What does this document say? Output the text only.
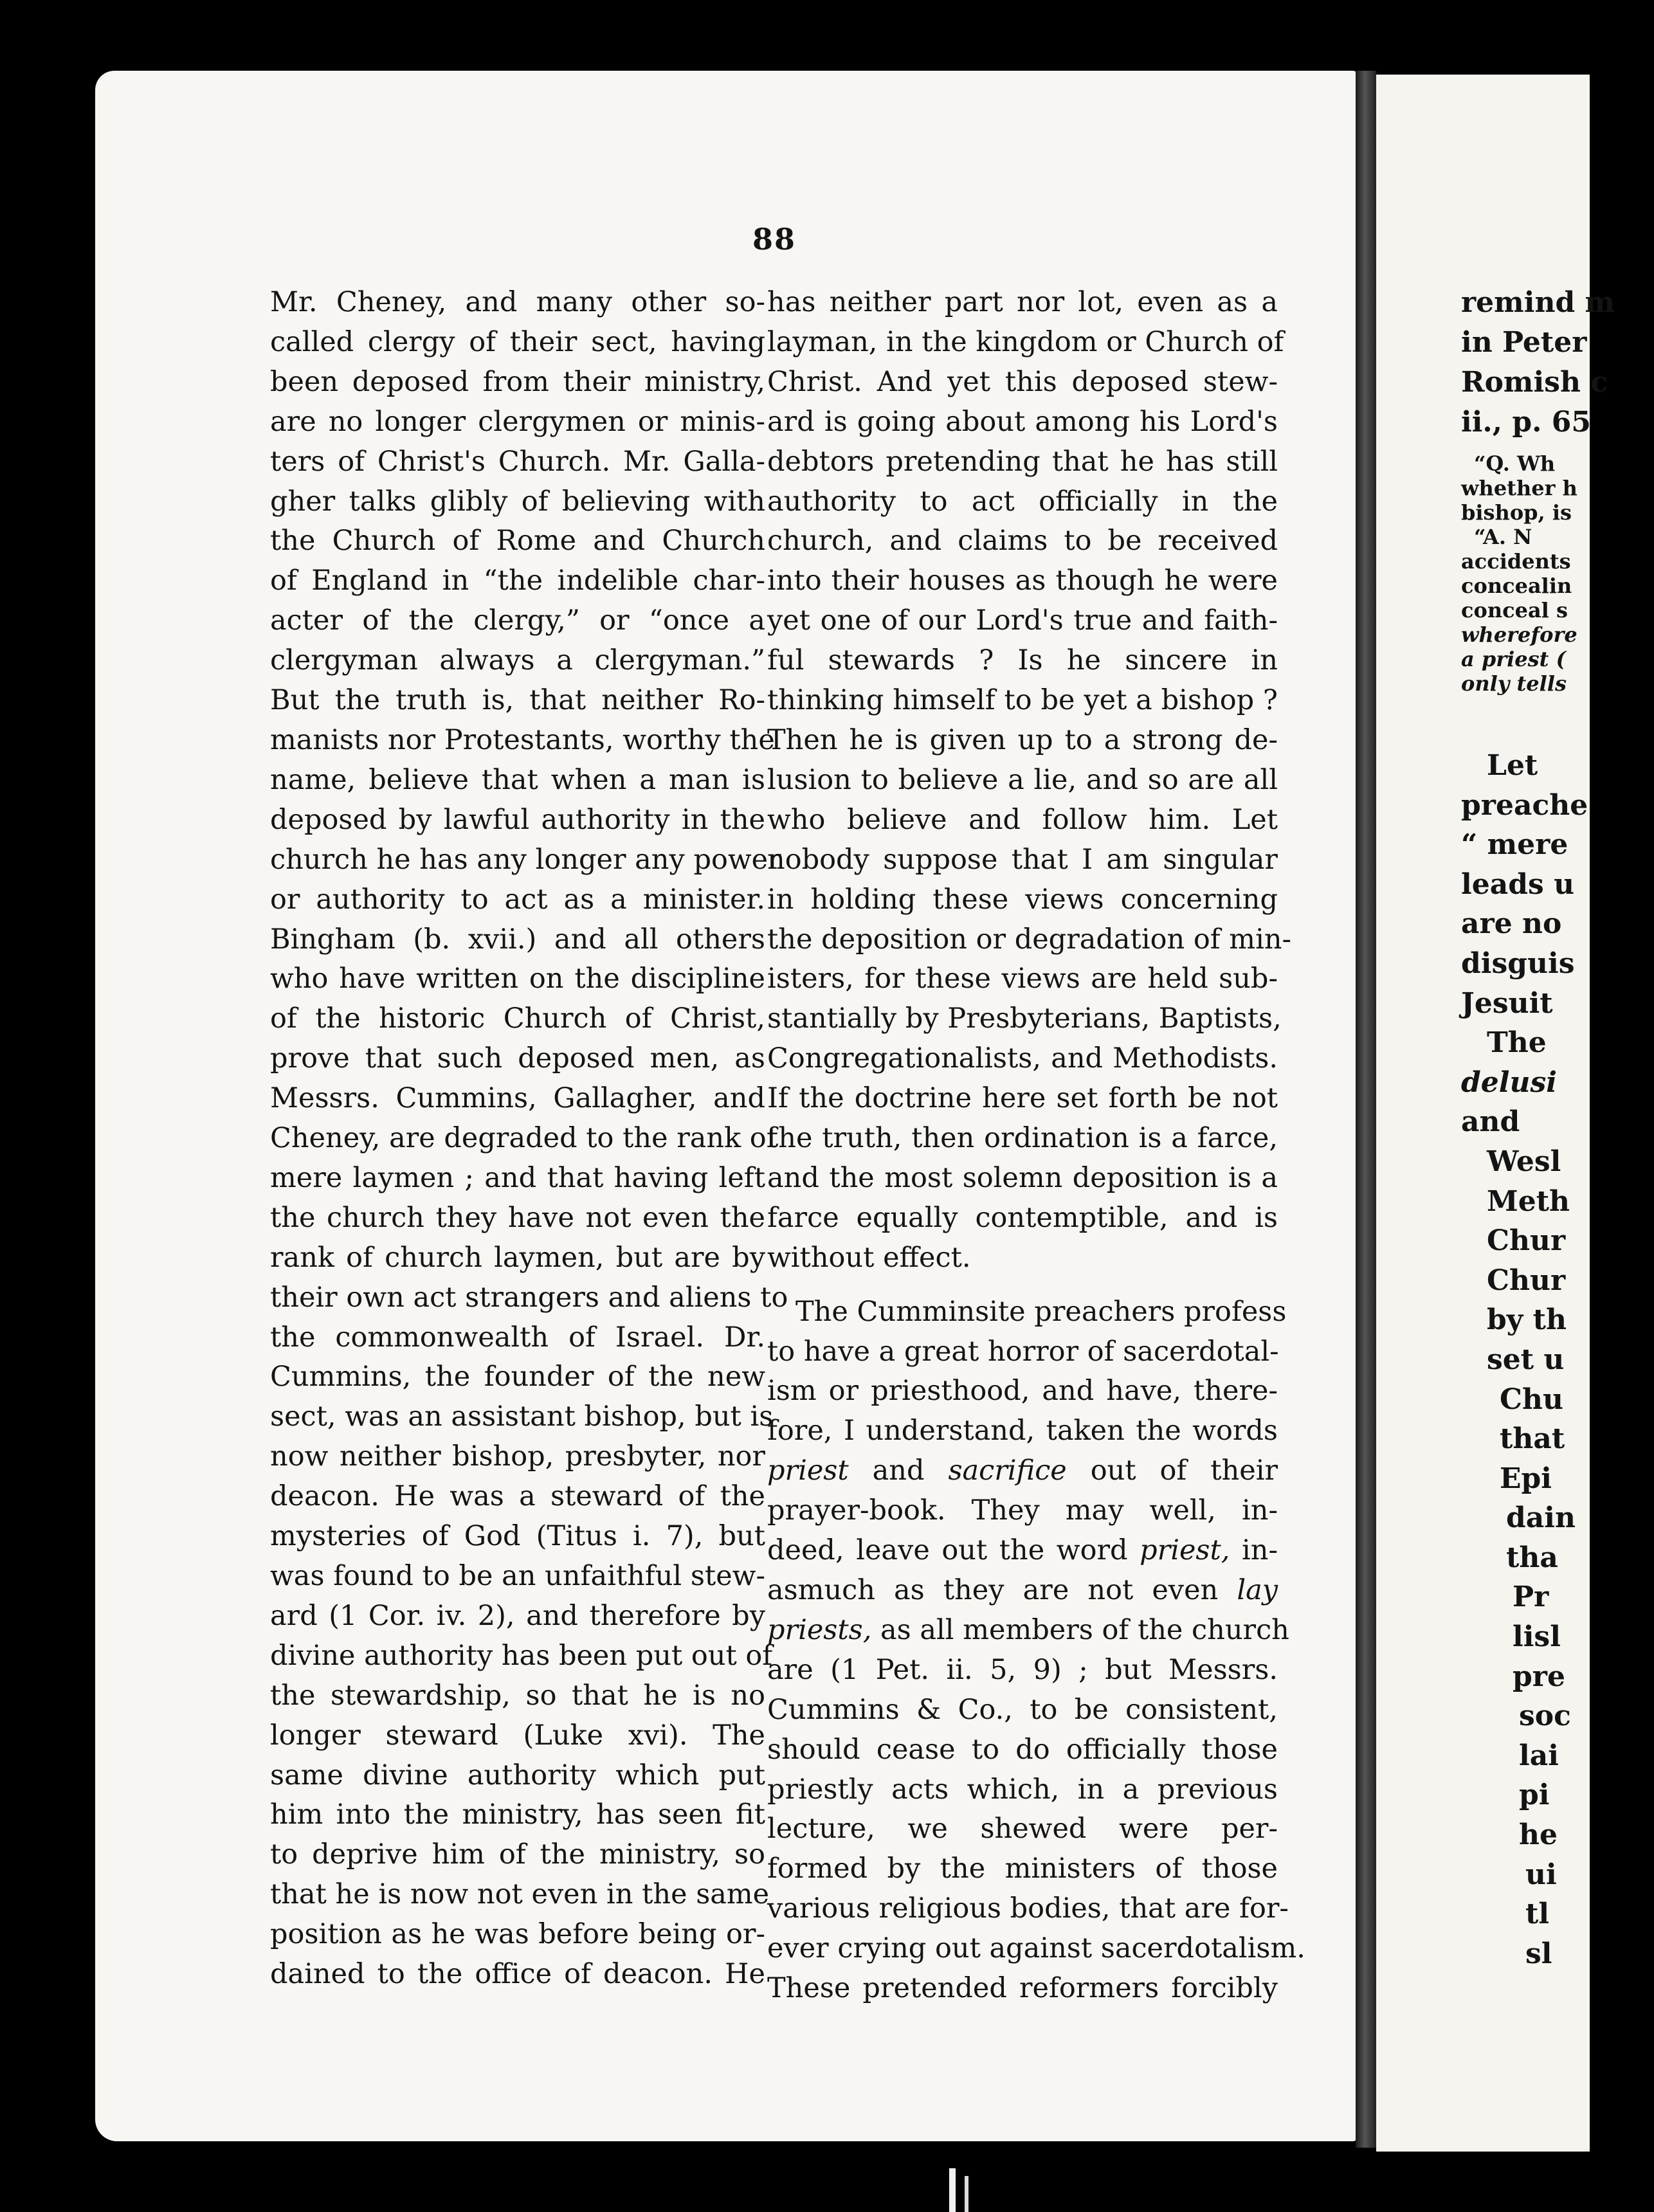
88
Mr. Cheney, and many other so-
called clergy of their sect, having
been deposed from their ministry,
are no longer clergymen or minis-
ters of Christ's Church. Mr. Galla-
gher talks glibly of believing with
the Church of Rome and Church
of England in “the indelible char-
acter of the clergy,” or “once a
clergyman always a clergyman.”
But the truth is, that neither Ro-
manists nor Protestants, worthy the
name, believe that when a man is
deposed by lawful authority in the
church he has any longer any power
or authority to act as a minister.
Bingham (b. xvii.) and all others
who have written on the discipline
of the historic Church of Christ,
prove that such deposed men, as
Messrs. Cummins, Gallagher, and
Cheney, are degraded to the rank of
mere laymen ; and that having left
the church they have not even the
rank of church laymen, but are by
their own act strangers and aliens to
the commonwealth of Israel. Dr.
Cummins, the founder of the new
sect, was an assistant bishop, but is
now neither bishop, presbyter, nor
deacon. He was a steward of the
mysteries of God (Titus i. 7), but
was found to be an unfaithful stew-
ard (1 Cor. iv. 2), and therefore by
divine authority has been put out of
the stewardship, so that he is no
longer steward (Luke xvi). The
same divine authority which put
him into the ministry, has seen fit
to deprive him of the ministry, so
that he is now not even in the same
position as he was before being or-
dained to the office of deacon. He
has neither part nor lot, even as a
layman, in the kingdom or Church of
Christ. And yet this deposed stew-
ard is going about among his Lord's
debtors pretending that he has still
authority to act officially in the
church, and claims to be received
into their houses as though he were
yet one of our Lord's true and faith-
ful stewards ? Is he sincere in
thinking himself to be yet a bishop ?
Then he is given up to a strong de-
lusion to believe a lie, and so are all
who believe and follow him. Let
nobody suppose that I am singular
in holding these views concerning
the deposition or degradation of min-
isters, for these views are held sub-
stantially by Presbyterians, Baptists,
Congregationalists, and Methodists.
If the doctrine here set forth be not
the truth, then ordination is a farce,
and the most solemn deposition is a
farce equally contemptible, and is
without effect.
The Cumminsite preachers profess
to have a great horror of sacerdotal-
ism or priesthood, and have, there-
fore, I understand, taken the words
priest and sacrifice out of their
prayer-book. They may well, in-
deed, leave out the word priest, in-
asmuch as they are not even lay
priests, as all members of the church
are (1 Pet. ii. 5, 9) ; but Messrs.
Cummins & Co., to be consistent,
should cease to do officially those
priestly acts which, in a previous
lecture, we shewed were per-
formed by the ministers of those
various religious bodies, that are for-
ever crying out against sacerdotalism.
These pretended reformers forcibly
remind m
in Peter
Romish c
ii., p. 65
“Q. Wh
whether h
bishop, is
“A. N
accidents
concealin
conceal s
wherefore
a priest (
only tells
Let
preache
“ mere
leads u
are no
disguis
Jesuit
The
delusi
and
Wesl
Meth
Chur
Chur
by th
set u
Chu
that
Epi
dain
tha
Pr
lisl
pre
soc
lai
pi
he
ui
tl
sl
